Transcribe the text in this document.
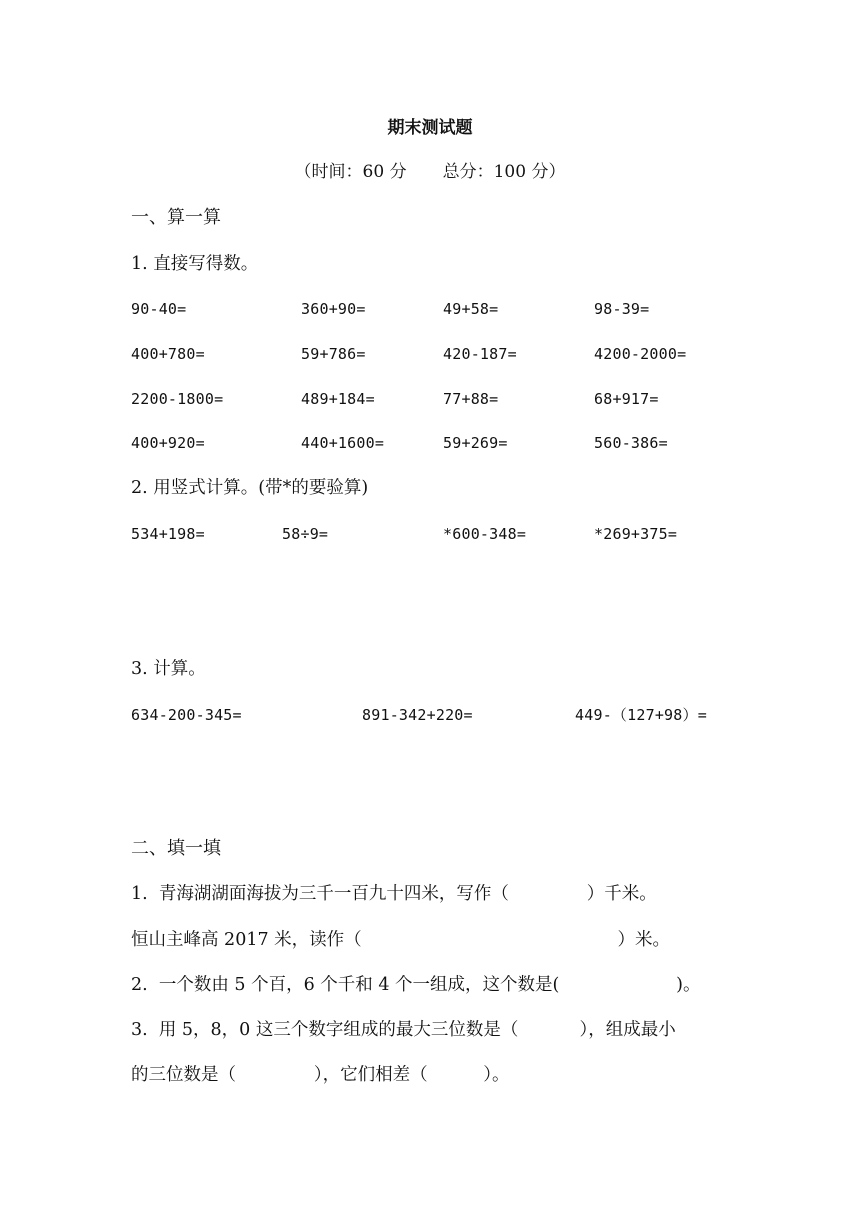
期末测试题
（时间：60 分 总分：100 分）
一、算一算
1. 直接写得数。
90-40=	360+90=	49+58=	98-39=
400+780=	59+786=	420-187=	4200-2000=
2200-1800=	489+184=	77+88=	68+917=
400+920=	440+1600=	59+269=	560-386=
2. 用竖式计算。(带*的要验算)
534+198=	58÷9=	*600-348=	*269+375=
3. 计算。
634-200-345=	891-342+220=	449-（127+98）=
二、填一填
1.  青海湖湖面海拔为三千一百九十四米，写作（              ）千米。
恒山主峰高 2017 米，读作（                                              ）米。
2.  一个数由 5 个百，6 个千和 4 个一组成，这个数是(                     )。
3.  用 5，8，0 这三个数字组成的最大三位数是（           ），组成最小
的三位数是（              ），它们相差（          ）。
